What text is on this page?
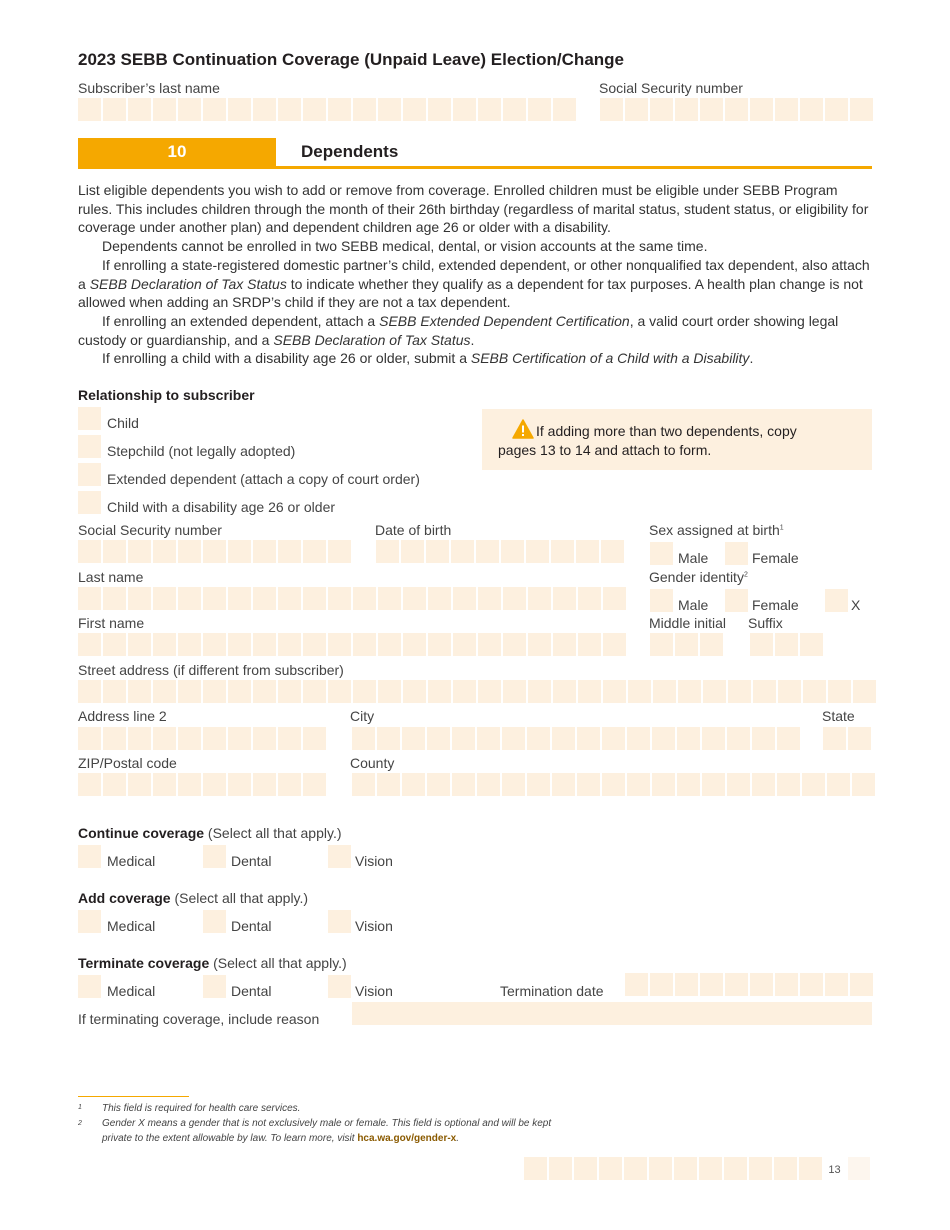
2023 SEBB Continuation Coverage (Unpaid Leave) Election/Change
Subscriber’s last name	Social Security number
10	Dependents

List eligible dependents you wish to add or remove from coverage. Enrolled children must be eligible under SEBB Program rules. This includes children through the month of their 26th birthday (regardless of marital status, student status, or eligibility for coverage under another plan) and dependent children age 26 or older with a disability.

Dependents cannot be enrolled in two SEBB medical, dental, or vision accounts at the same time.

If enrolling a state-registered domestic partner’s child, extended dependent, or other nonqualified tax dependent, also attach a SEBB Declaration of Tax Status to indicate whether they qualify as a dependent for tax purposes. A health plan change is not allowed when adding an SRDP’s child if they are not a tax dependent.

If enrolling an extended dependent, attach a SEBB Extended Dependent Certification, a valid court order showing legal custody or guardianship, and a SEBB Declaration of Tax Status.

If enrolling a child with a disability age 26 or older, submit a SEBB Certification of a Child with a Disability.

Relationship to subscriber
Child
Stepchild (not legally adopted)
Extended dependent (attach a copy of court order)
Child with a disability age 26 or older
If adding more than two dependents, copy pages 13 to 14 and attach to form.
Social Security number	Date of birth	Sex assigned at birth$^1$
Male	Female
Last name	Gender identity$^2$
Male	Female	X
First name	Middle initial Suffix
Street address (if different from subscriber)
Address line 2	City	State
ZIP/Postal code	County
Continue coverage (Select all that apply.)
Medical	Dental	Vision
Add coverage (Select all that apply.)
Medical	Dental	Vision
Terminate coverage (Select all that apply.)
Medical	Dental	Vision	Termination date
If terminating coverage, include reason
1 This field is required for health care services.
2 Gender X means a gender that is not exclusively male or female. This field is optional and will be kept
private to the extent allowable by law. To learn more, visit hca.wa.gov/gender-x.
13
